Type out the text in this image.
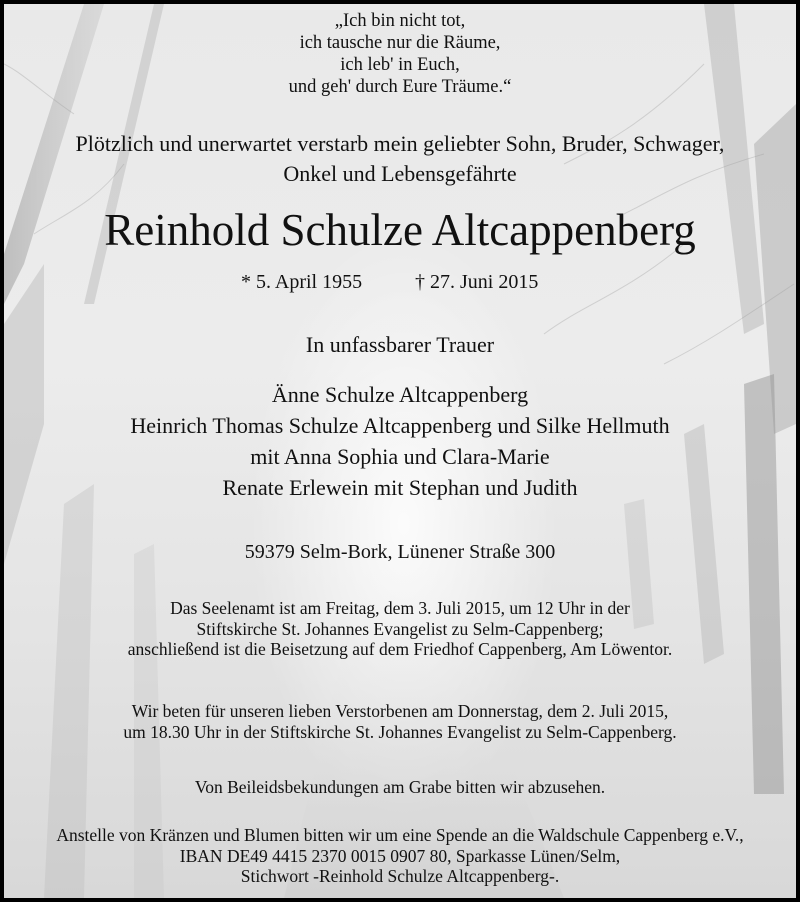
„Ich bin nicht tot,
ich tausche nur die Räume,
ich leb' in Euch,
und geh' durch Eure Träume.“
Plötzlich und unerwartet verstarb mein geliebter Sohn, Bruder, Schwager,
Onkel und Lebensgefährte
Reinhold Schulze Altcappenberg
* 5. April 1955	† 27. Juni 2015
In unfassbarer Trauer
Änne Schulze Altcappenberg
Heinrich Thomas Schulze Altcappenberg und Silke Hellmuth
mit Anna Sophia und Clara-Marie
Renate Erlewein mit Stephan und Judith
59379 Selm-Bork, Lünener Straße 300
Das Seelenamt ist am Freitag, dem 3. Juli 2015, um 12 Uhr in der
Stiftskirche St. Johannes Evangelist zu Selm-Cappenberg;
anschließend ist die Beisetzung auf dem Friedhof Cappenberg, Am Löwentor.
Wir beten für unseren lieben Verstorbenen am Donnerstag, dem 2. Juli 2015,
um 18.30 Uhr in der Stiftskirche St. Johannes Evangelist zu Selm-Cappenberg.
Von Beileidsbekundungen am Grabe bitten wir abzusehen.
Anstelle von Kränzen und Blumen bitten wir um eine Spende an die Waldschule Cappenberg e.V.,
IBAN DE49 4415 2370 0015 0907 80, Sparkasse Lünen/Selm,
Stichwort -Reinhold Schulze Altcappenberg-.
